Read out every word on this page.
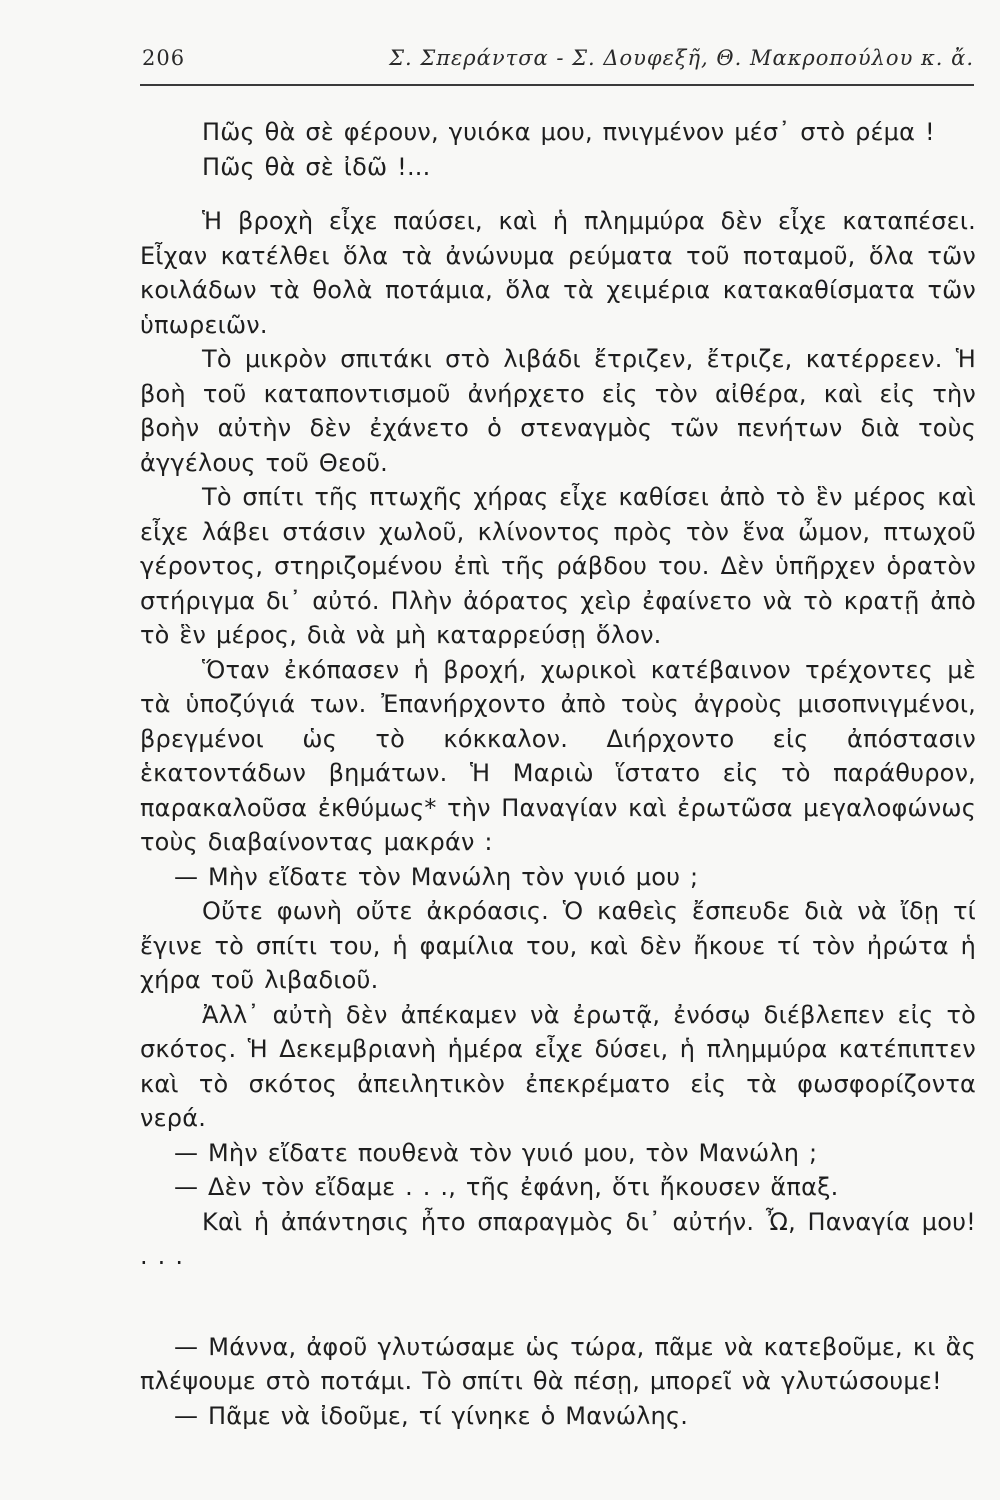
206	Σ. Σπεράντσα - Σ. Δουφεξῆ, Θ. Μακροπούλου κ. ἄ.

Πῶς θὰ σὲ φέρουν, γυιόκα μου, πνιγμένον μέσ᾽ στὸ ρέμα !

Πῶς θὰ σὲ ἰδῶ !...

Ἡ βροχὴ εἶχε παύσει, καὶ ἡ πλημμύρα δὲν εἶχε καταπέσει. Εἶχαν κατέλθει ὅλα τὰ ἀνώνυμα ρεύματα τοῦ ποταμοῦ, ὅλα τῶν κοιλάδων τὰ θολὰ ποτάμια, ὅλα τὰ χειμέρια κατακαθίσματα τῶν ὑπωρειῶν.

Τὸ μικρὸν σπιτάκι στὸ λιβάδι ἔτριζεν, ἔτριζε, κατέρρεεν. Ἡ βοὴ τοῦ καταποντισμοῦ ἀνήρχετο εἰς τὸν αἰθέρα, καὶ εἰς τὴν βοὴν αὐτὴν δὲν ἐχάνετο ὁ στεναγμὸς τῶν πενήτων διὰ τοὺς ἀγγέλους τοῦ Θεοῦ.

Τὸ σπίτι τῆς πτωχῆς χήρας εἶχε καθίσει ἀπὸ τὸ ἓν μέρος καὶ εἶχε λάβει στάσιν χωλοῦ, κλίνοντος πρὸς τὸν ἕνα ὦμον, πτωχοῦ γέροντος, στηριζομένου ἐπὶ τῆς ράβδου του. Δὲν ὑπῆρχεν ὁρατὸν στήριγμα δι᾽ αὐτό. Πλὴν ἀόρατος χεὶρ ἐφαίνετο νὰ τὸ κρατῇ ἀπὸ τὸ ἓν μέρος, διὰ νὰ μὴ καταρρεύσῃ ὅλον.

Ὅταν ἐκόπασεν ἡ βροχή, χωρικοὶ κατέβαινον τρέχοντες μὲ τὰ ὑποζύγιά των. Ἐπανήρχοντο ἀπὸ τοὺς ἀγροὺς μισοπνιγμένοι, βρεγμένοι ὡς τὸ κόκκαλον. Διήρχοντο εἰς ἀπόστασιν ἑκατοντάδων βημάτων. Ἡ Μαριὼ ἵστατο εἰς τὸ παράθυρον, παρακαλοῦσα ἐκθύμως* τὴν Παναγίαν καὶ ἐρωτῶσα μεγαλοφώνως τοὺς διαβαίνοντας μακράν :

— Μὴν εἴδατε τὸν Μανώλη τὸν γυιό μου ;

Οὔτε φωνὴ οὔτε ἀκρόασις. Ὁ καθεὶς ἔσπευδε διὰ νὰ ἴδῃ τί ἔγινε τὸ σπίτι του, ἡ φαμίλια του, καὶ δὲν ἤκουε τί τὸν ἠρώτα ἡ χήρα τοῦ λιβαδιοῦ.

Ἀλλ᾽ αὐτὴ δὲν ἀπέκαμεν νὰ ἐρωτᾷ, ἐνόσῳ διέβλεπεν εἰς τὸ σκότος. Ἡ Δεκεμβριανὴ ἡμέρα εἶχε δύσει, ἡ πλημμύρα κατέπιπτεν καὶ τὸ σκότος ἀπειλητικὸν ἐπεκρέματο εἰς τὰ φωσφορίζοντα νερά.

— Μὴν εἴδατε πουθενὰ τὸν γυιό μου, τὸν Μανώλη ;

— Δὲν τὸν εἴδαμε . . ., τῆς ἐφάνη, ὅτι ἤκουσεν ἅπαξ.

Καὶ ἡ ἀπάντησις ἦτο σπαραγμὸς δι᾽ αὐτήν. Ὦ, Παναγία μου! . . .

— Μάννα, ἀφοῦ γλυτώσαμε ὡς τώρα, πᾶμε νὰ κατεβοῦμε, κι ἂς πλέψουμε στὸ ποτάμι. Τὸ σπίτι θὰ πέσῃ, μπορεῖ νὰ γλυτώσουμε!

— Πᾶμε νὰ ἰδοῦμε, τί γίνηκε ὁ Μανώλης.
